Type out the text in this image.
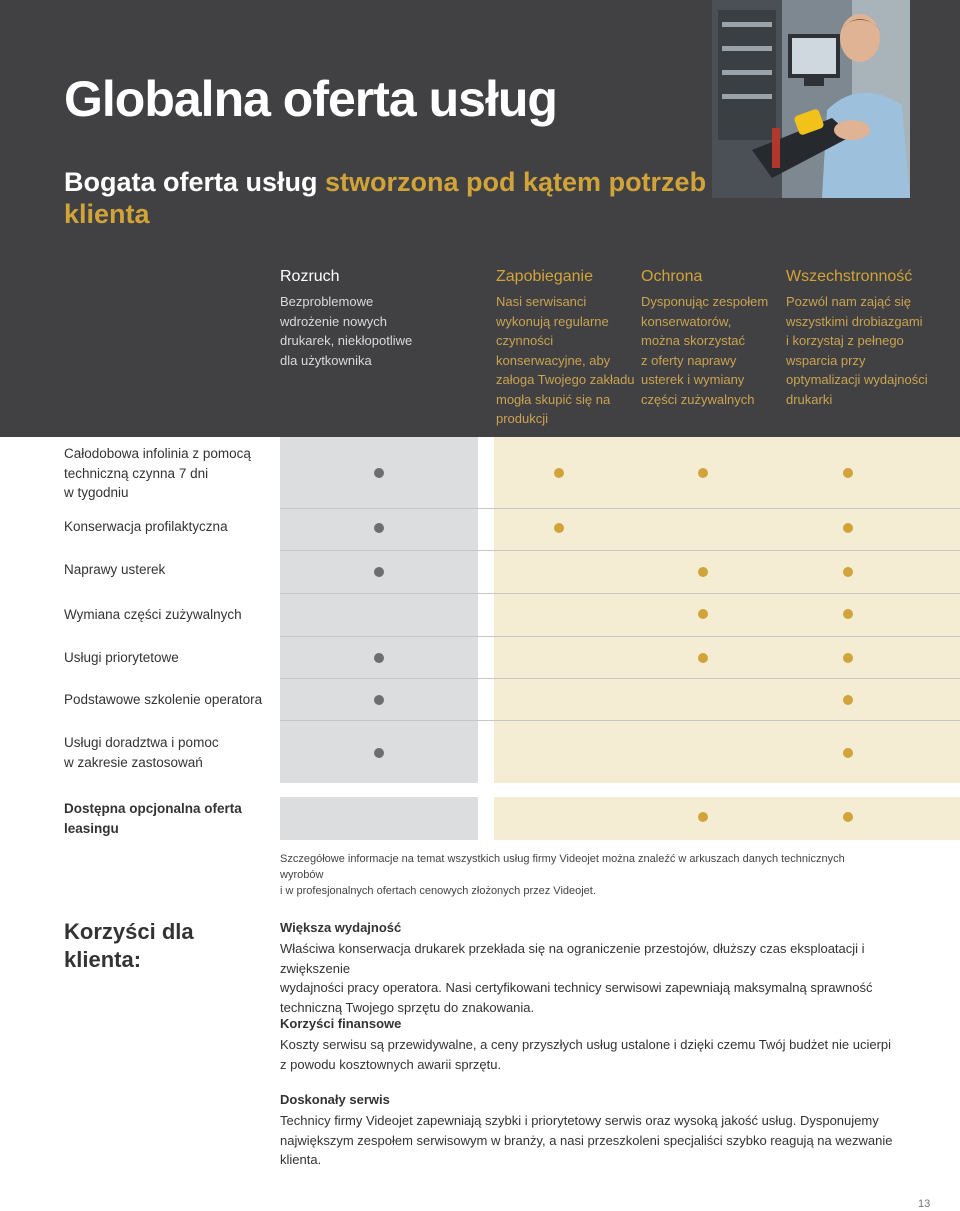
Globalna oferta usług
Bogata oferta usług stworzona pod kątem potrzeb klienta
Rozruch

Bezproblemowe
wdrożenie nowych
drukarek, niekłopotliwe
dla użytkownika

Zapobieganie

Nasi serwisanci
wykonują regularne
czynności
konserwacyjne, aby
załoga Twojego zakładu
mogła skupić się na
produkcji

Ochrona

Dysponując zespołem
konserwatorów,
można skorzystać
z oferty naprawy
usterek i wymiany
części zużywalnych

Wszechstronność

Pozwól nam zająć się
wszystkimi drobiazgami
i korzystaj z pełnego
wsparcia przy
optymalizacji wydajności
drukarki

Całodobowa infolinia z pomocą
techniczną czynna 7 dni
w tygodniu
Konserwacja profilaktyczna
Naprawy usterek
Wymiana części zużywalnych
Usługi priorytetowe
Podstawowe szkolenie operatora
Usługi doradztwa i pomoc
w zakresie zastosowań
Dostępna opcjonalna oferta
leasingu
Szczegółowe informacje na temat wszystkich usług firmy Videojet można znaleźć w arkuszach danych technicznych wyrobów
i w profesjonalnych ofertach cenowych złożonych przez Videojet.
Korzyści dla
klienta:
Większa wydajność

Właściwa konserwacja drukarek przekłada się na ograniczenie przestojów, dłuższy czas eksploatacji i zwiększenie
wydajności pracy operatora. Nasi certyfikowani technicy serwisowi zapewniają maksymalną sprawność
techniczną Twojego sprzętu do znakowania.

Korzyści finansowe

Koszty serwisu są przewidywalne, a ceny przyszłych usług ustalone i dzięki czemu Twój budżet nie ucierpi
z powodu kosztownych awarii sprzętu.

Doskonały serwis

Technicy firmy Videojet zapewniają szybki i priorytetowy serwis oraz wysoką jakość usług. Dysponujemy
największym zespołem serwisowym w branży, a nasi przeszkoleni specjaliści szybko reagują na wezwanie klienta.

13
